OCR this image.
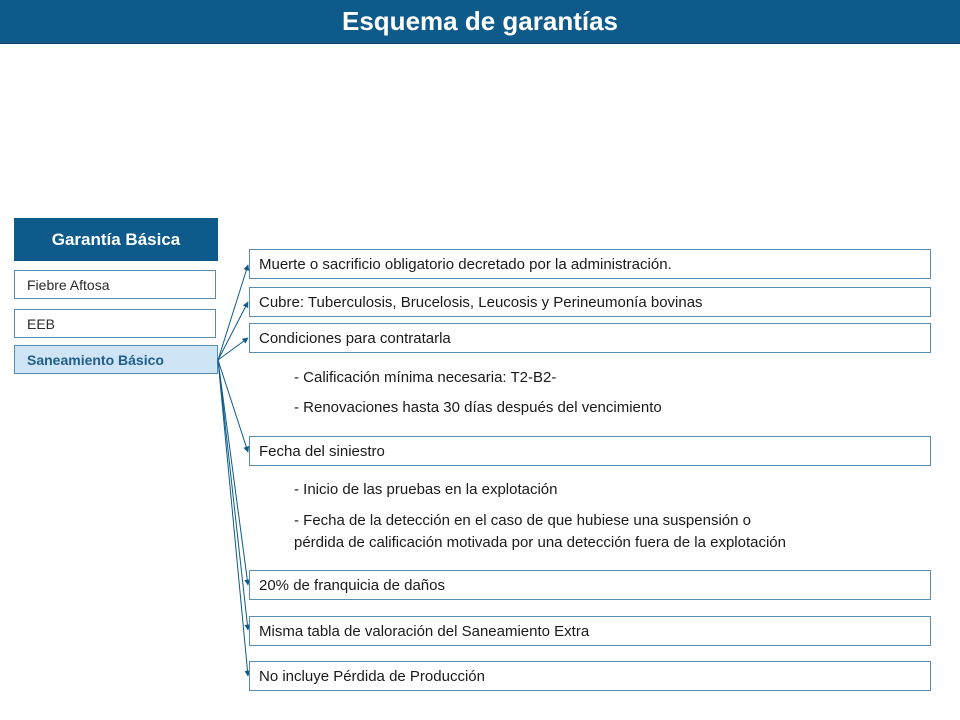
Esquema de garantías
Garantía Básica
Fiebre Aftosa
EEB
Saneamiento Básico
Muerte o sacrificio obligatorio decretado por la administración.
Cubre: Tuberculosis, Brucelosis, Leucosis y Perineumonía bovinas
Condiciones para contratarla
- Calificación mínima necesaria: T2-B2-
- Renovaciones hasta 30 días después del vencimiento
Fecha del siniestro
- Inicio de las pruebas en la explotación
- Fecha de la detección en el caso de que hubiese una suspensión o
pérdida de calificación motivada por una detección fuera de la explotación
20% de franquicia de daños
Misma tabla de valoración del Saneamiento Extra
No incluye Pérdida de Producción
